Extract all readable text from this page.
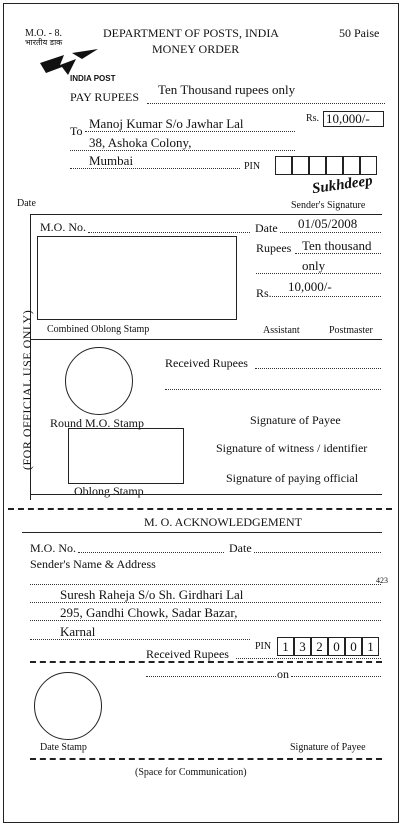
M.O. - 8.
भारतीय डाक
DEPARTMENT OF POSTS, INDIA	50 Paise
MONEY ORDER
INDIA POST
PAY RUPEES Ten Thousand rupees only
Rs. 10,000/-
To Manoj Kumar S/o Jawhar Lal
38, Ashoka Colony,
Mumbai	PIN
Sukhdeep
Date	Sender's Signature
(FOR OFFICIAL USE ONLY)
M.O. No.	Date 01/05/2008
Rupees Ten thousand
only
Rs. 10,000/-
Combined Oblong Stamp	Assistant	Postmaster
Received Rupees
Round M.O. Stamp	Signature of Payee
Signature of witness / identifier
Signature of paying official
Oblong Stamp
M. O. ACKNOWLEDGEMENT
M.O. No.	Date
Sender's Name & Address
423
Suresh Raheja S/o Sh. Girdhari Lal
295, Gandhi Chowk, Sadar Bazar,
Karnal
PIN 1 3 2 0 0 1
Received Rupees
on
Date Stamp	Signature of Payee
(Space for Communication)
